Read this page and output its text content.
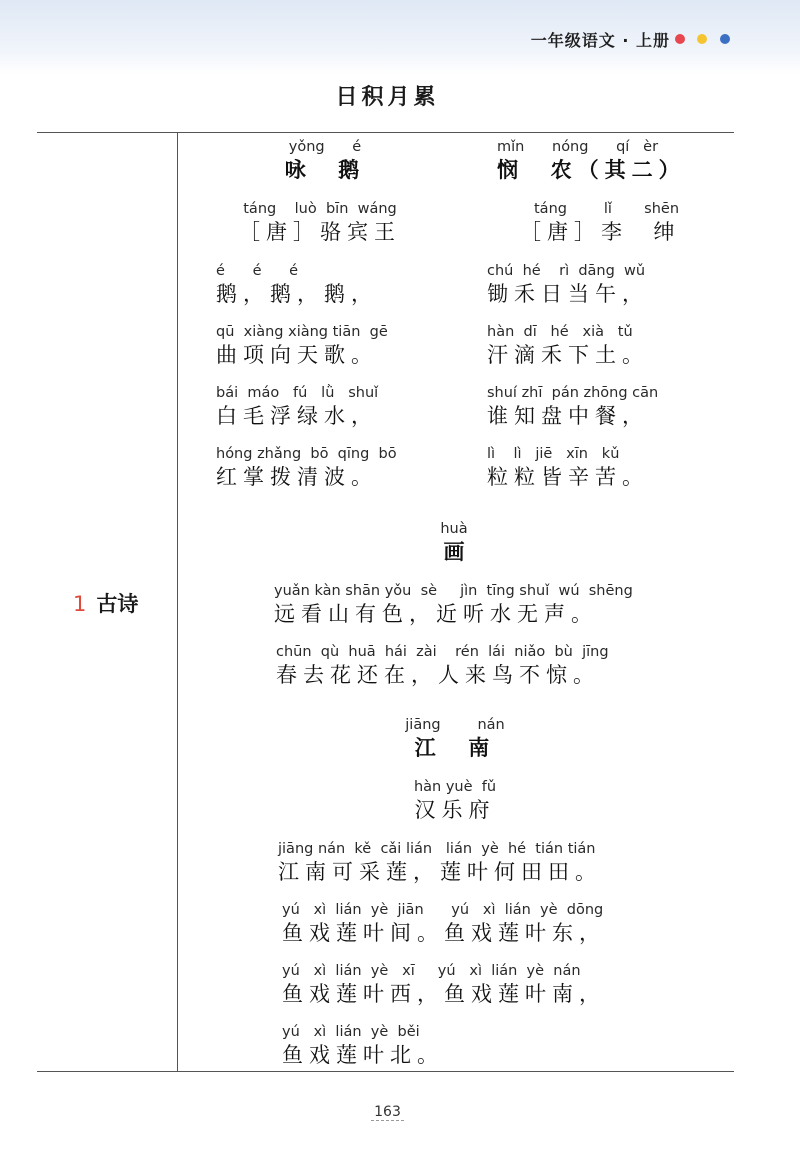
一年级语文 · 上册
日积月累
1 古诗
yǒng      é
咏  鹅
táng    luò  bīn  wáng
［唐］骆宾王
é      é      é
鹅，鹅，鹅，
qū  xiàng xiàng tiān  gē
曲项向天歌。
bái  máo   fú   lǜ   shuǐ
白毛浮绿水，
hóng zhǎng  bō  qīng  bō
红掌拨清波。
mǐn      nóng      qí   èr
悯  农（其二）
táng        lǐ       shēn
［唐］李  绅
chú  hé    rì  dāng  wǔ
锄禾日当午，
hàn  dī   hé   xià   tǔ
汗滴禾下土。
shuí zhī  pán zhōng cān
谁知盘中餐，
lì    lì   jiē   xīn   kǔ
粒粒皆辛苦。
huà
画
yuǎn kàn shān yǒu  sè     jìn  tīng shuǐ  wú  shēng
远看山有色，近听水无声。
chūn  qù  huā  hái  zài    rén  lái  niǎo  bù  jīng
春去花还在，人来鸟不惊。
jiāng        nán
江  南
hàn yuè  fǔ
汉乐府
jiāng nán  kě  cǎi lián   lián  yè  hé  tián tián
江南可采莲，莲叶何田田。
yú   xì  lián  yè  jiān      yú   xì  lián  yè  dōng
鱼戏莲叶间。鱼戏莲叶东，
yú   xì  lián  yè   xī     yú   xì  lián  yè  nán
鱼戏莲叶西，鱼戏莲叶南，
yú   xì  lián  yè  běi
鱼戏莲叶北。
163
